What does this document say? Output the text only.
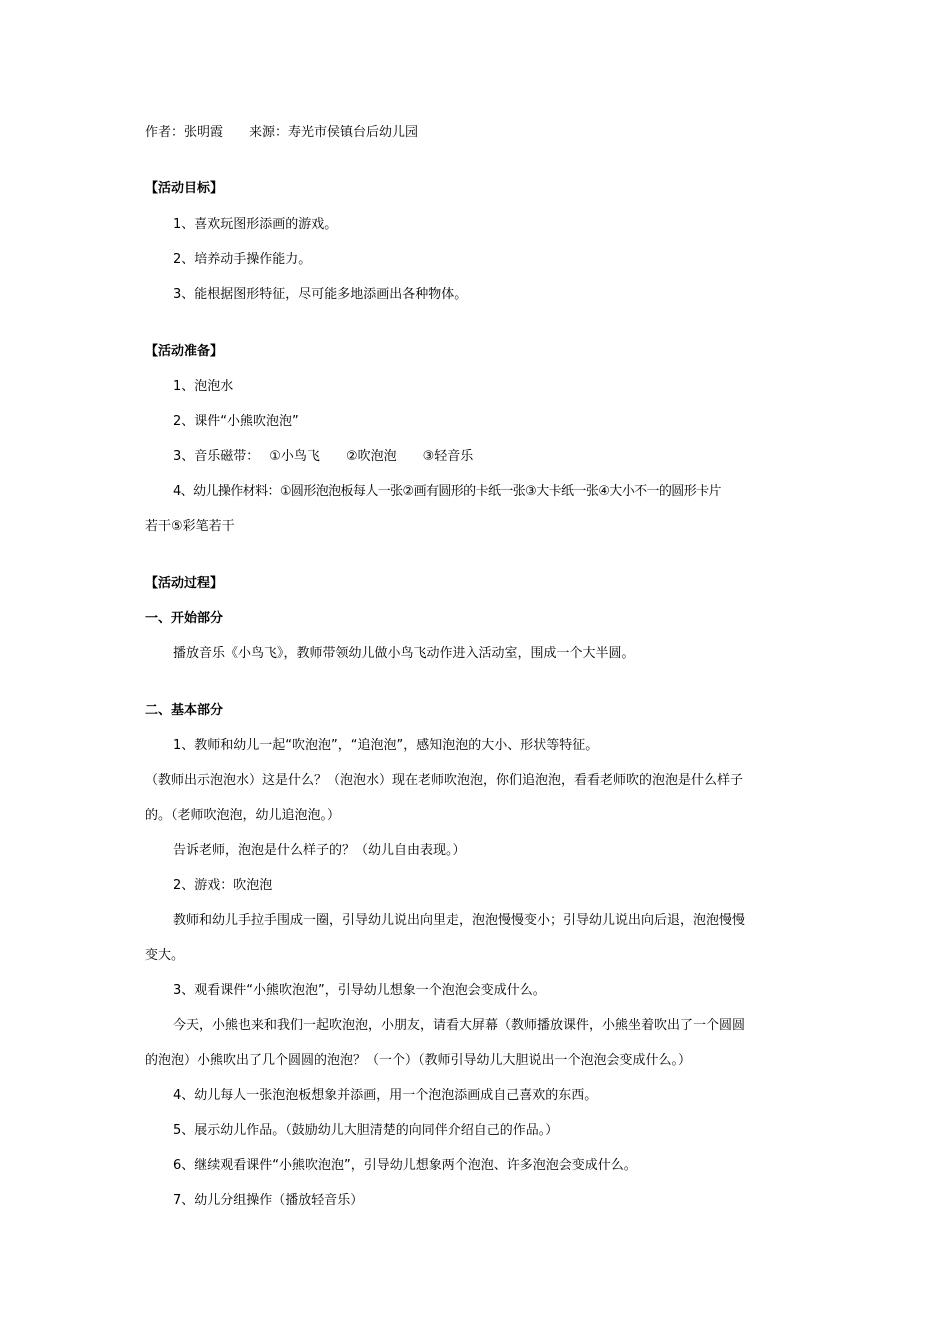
作者：张明霞 来源：寿光市侯镇台后幼儿园
【活动目标】
1、喜欢玩图形添画的游戏。
2、培养动手操作能力。
3、能根据图形特征，尽可能多地添画出各种物体。
【活动准备】
1、泡泡水
2、课件“小熊吹泡泡”
3、音乐磁带： ①小鸟飞 ②吹泡泡 ③轻音乐
4、幼儿操作材料：①圆形泡泡板每人一张②画有圆形的卡纸一张③大卡纸一张④大小不一的圆形卡片
若干⑤彩笔若干
【活动过程】
一、开始部分
播放音乐《小鸟飞》，教师带领幼儿做小鸟飞动作进入活动室，围成一个大半圆。
二、基本部分
1、教师和幼儿一起“吹泡泡”，“追泡泡”，感知泡泡的大小、形状等特征。
（教师出示泡泡水）这是什么？（泡泡水）现在老师吹泡泡，你们追泡泡，看看老师吹的泡泡是什么样子
的。（老师吹泡泡，幼儿追泡泡。）
告诉老师，泡泡是什么样子的？（幼儿自由表现。）
2、游戏：吹泡泡
教师和幼儿手拉手围成一圈，引导幼儿说出向里走，泡泡慢慢变小；引导幼儿说出向后退，泡泡慢慢
变大。
3、观看课件“小熊吹泡泡”，引导幼儿想象一个泡泡会变成什么。
今天，小熊也来和我们一起吹泡泡，小朋友，请看大屏幕（教师播放课件，小熊坐着吹出了一个圆圆
的泡泡）小熊吹出了几个圆圆的泡泡？（一个）（教师引导幼儿大胆说出一个泡泡会变成什么。）
4、幼儿每人一张泡泡板想象并添画，用一个泡泡添画成自己喜欢的东西。
5、展示幼儿作品。（鼓励幼儿大胆清楚的向同伴介绍自己的作品。）
6、继续观看课件“小熊吹泡泡”，引导幼儿想象两个泡泡、许多泡泡会变成什么。
7、幼儿分组操作（播放轻音乐）
